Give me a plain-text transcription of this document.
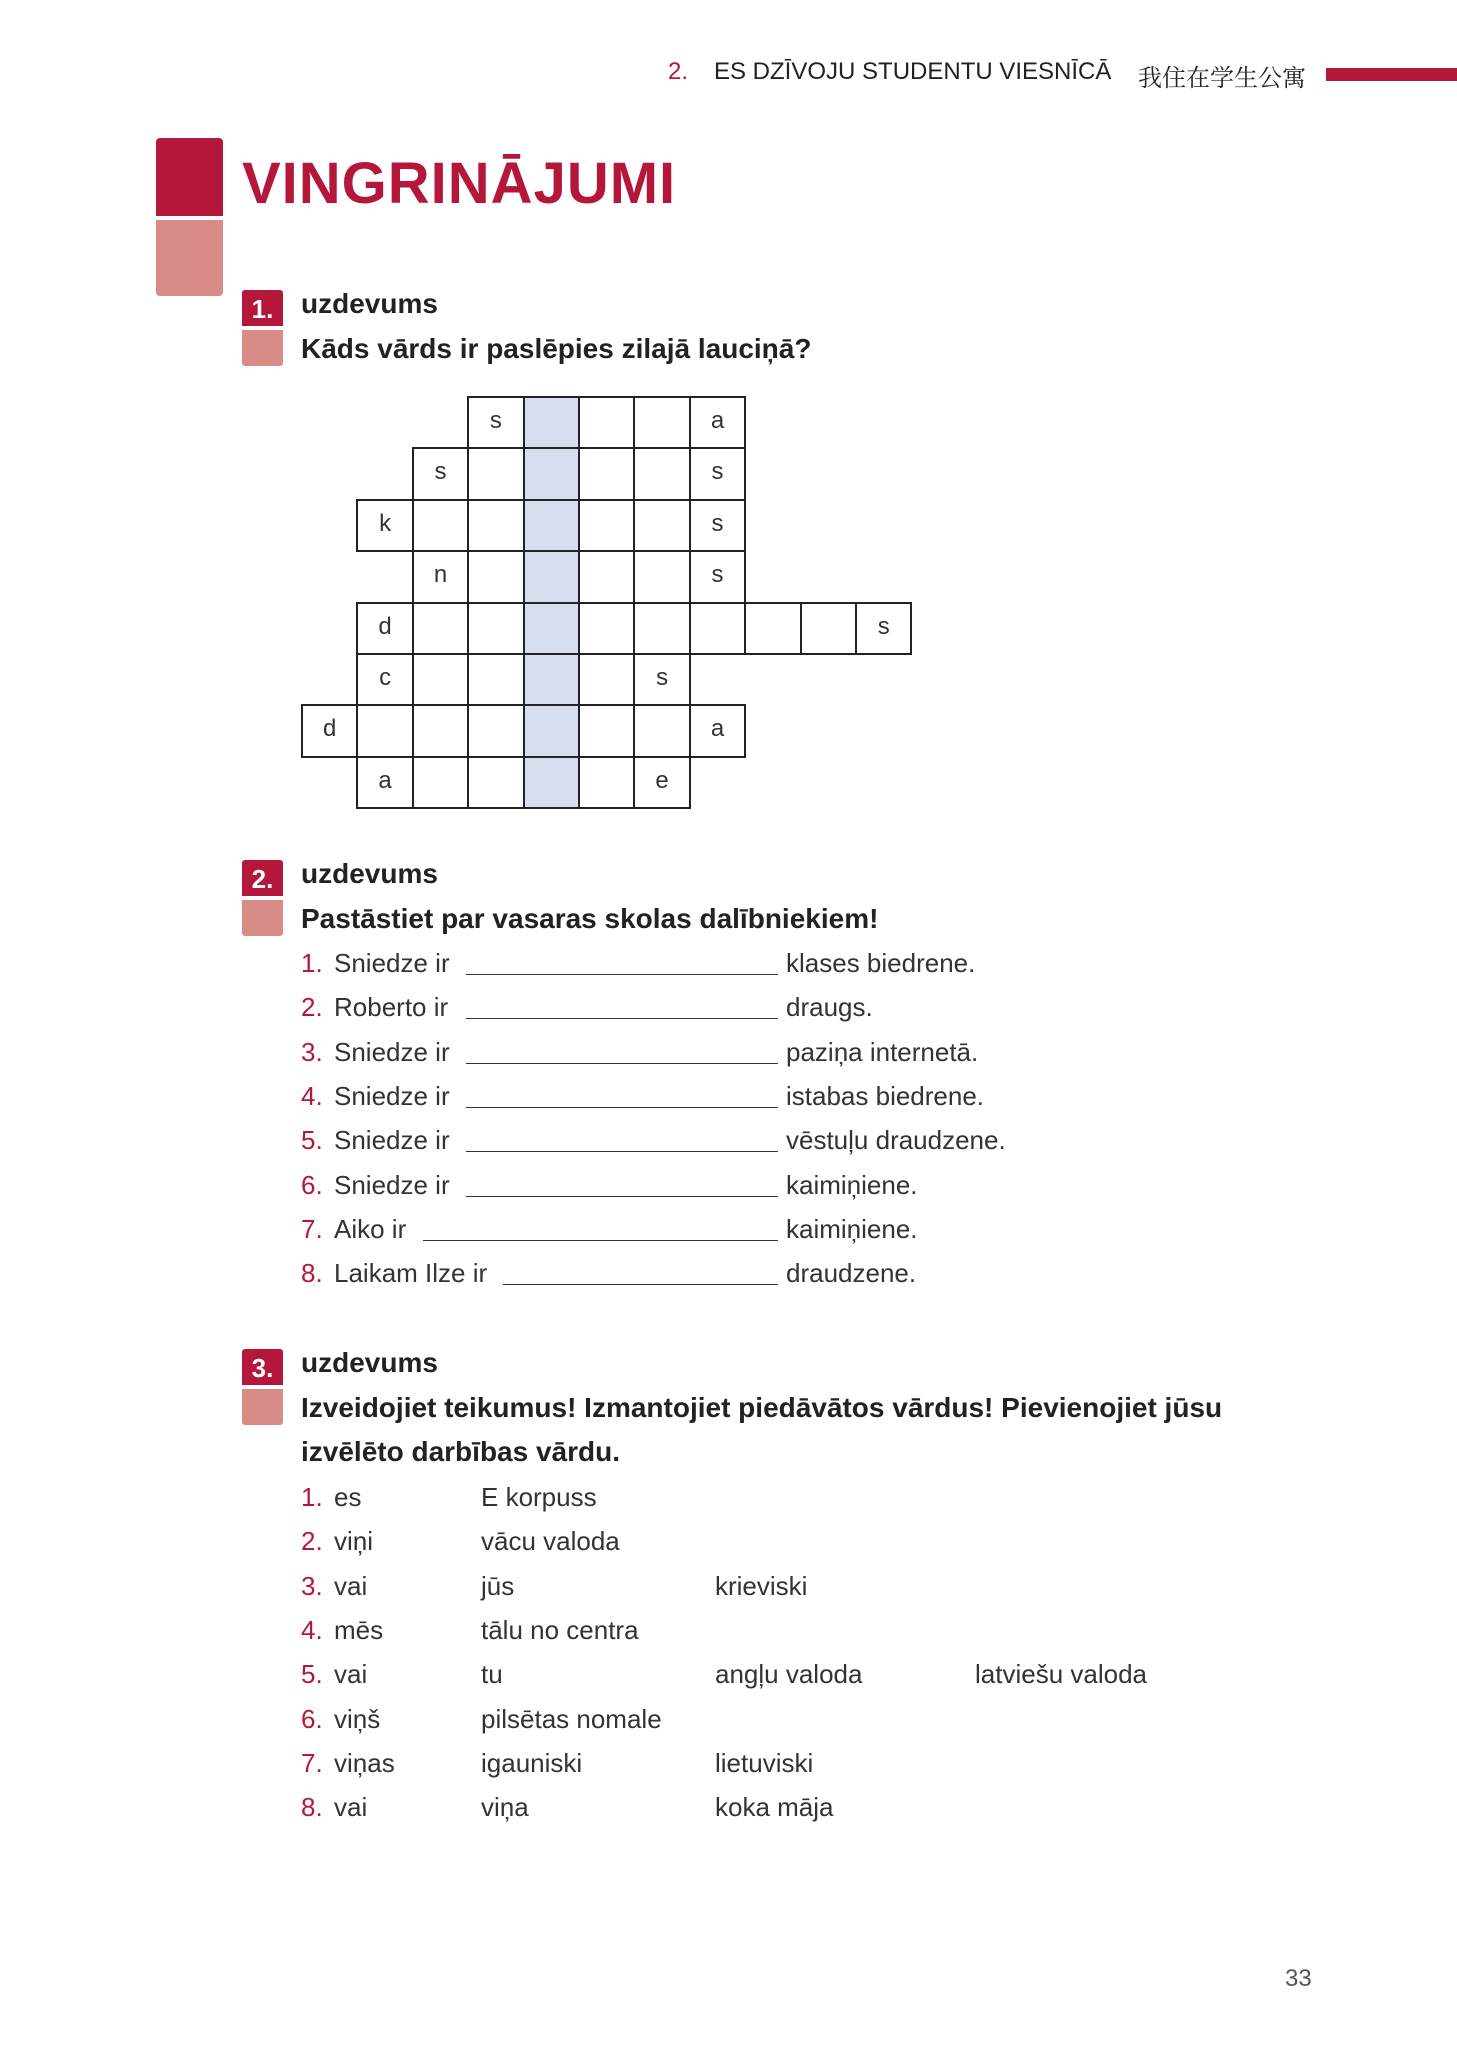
2. ES DZĪVOJU STUDENTU VIESNĪCĀ 我住在学生公寓
VINGRINĀJUMI
1. uzdevums
Kāds vārds ir paslēpies zilajā lauciņā?
s	a
s	s
k	s
n	s
d	s
c	s
d	a
a	e
2. uzdevums
Pastāstiet par vasaras skolas dalībniekiem!
1. Sniedze ir	klases biedrene.
2. Roberto ir	draugs.
3. Sniedze ir	paziņa internetā.
4. Sniedze ir	istabas biedrene.
5. Sniedze ir	vēstuļu draudzene.
6. Sniedze ir	kaimiņiene.
7. Aiko ir	kaimiņiene.
8. Laikam Ilze ir	draudzene.
3. uzdevums
Izveidojiet teikumus! Izmantojiet piedāvātos vārdus! Pievienojiet jūsu
izvēlēto darbības vārdu.
1. es	E korpuss
2. viņi	vācu valoda
3. vai	jūs	krieviski
4. mēs	tālu no centra
5. vai	tu	angļu valoda	latviešu valoda
6. viņš	pilsētas nomale
7. viņas	igauniski	lietuviski
8. vai	viņa	koka māja
33
